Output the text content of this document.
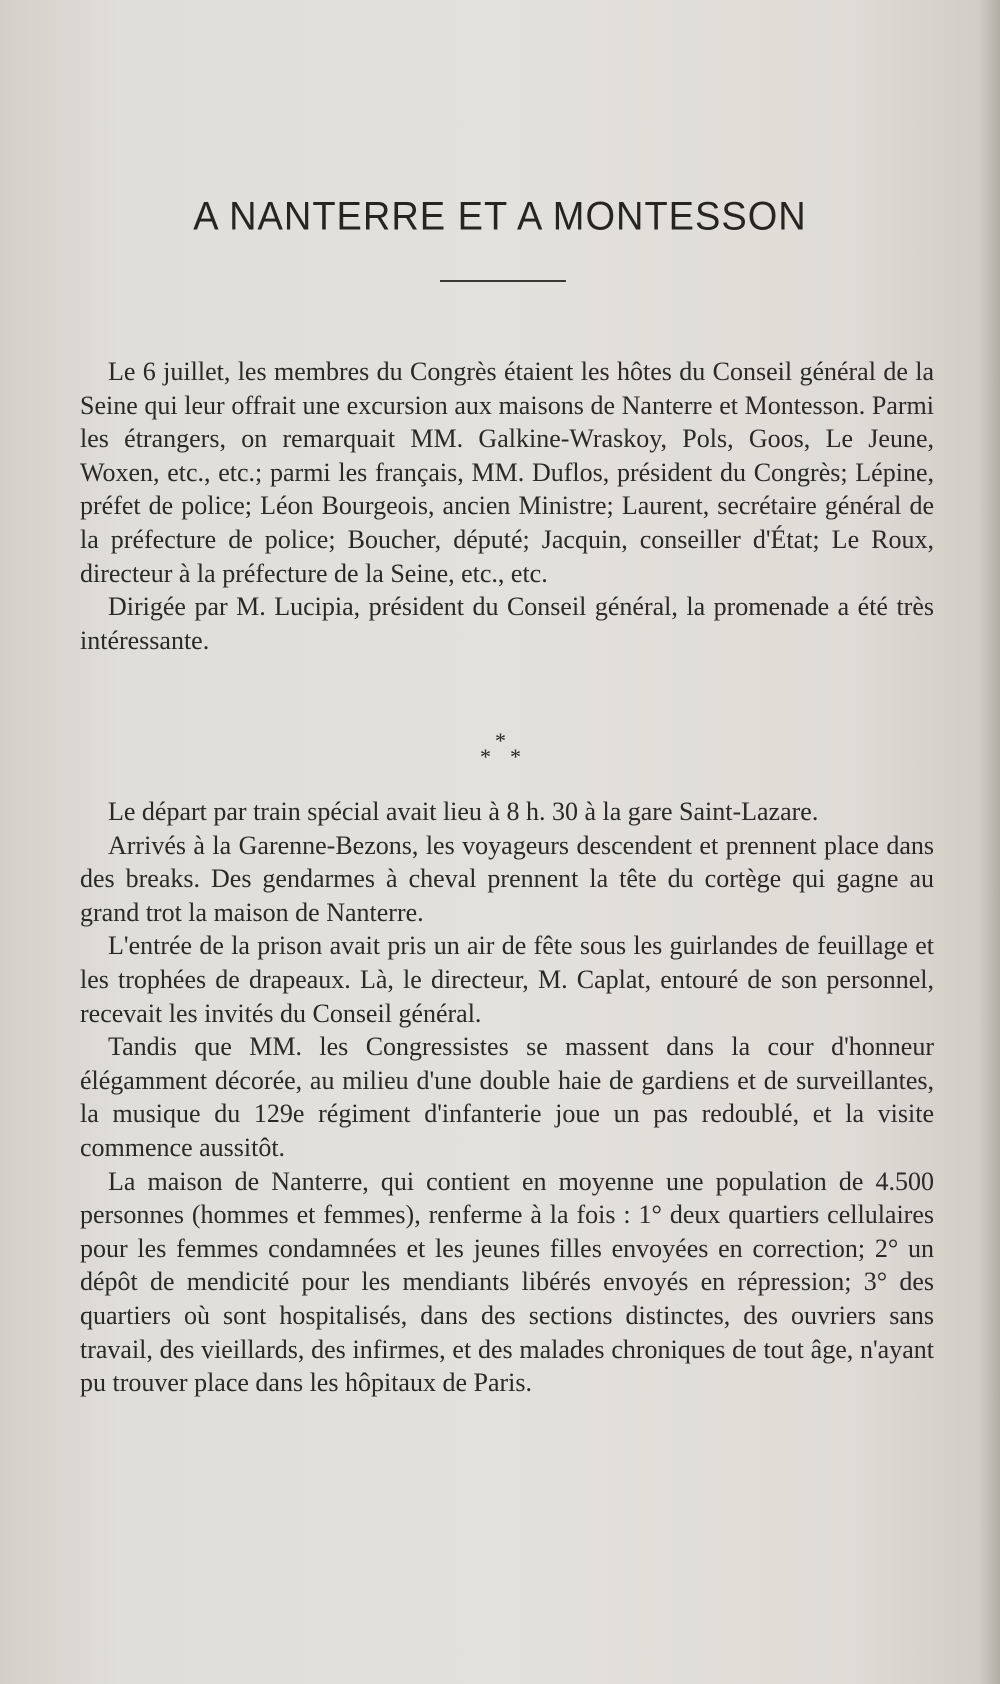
A NANTERRE ET A MONTESSON

Le 6 juillet, les membres du Congrès étaient les hôtes du Conseil général de la Seine qui leur offrait une excursion aux maisons de Nanterre et Montesson. Parmi les étrangers, on remarquait MM. Galkine-Wraskoy, Pols, Goos, Le Jeune, Woxen, etc., etc.; parmi les français, MM. Duflos, président du Congrès; Lépine, préfet de police; Léon Bourgeois, ancien Ministre; Laurent, secrétaire général de la préfecture de police; Boucher, député; Jacquin, conseiller d'État; Le Roux, directeur à la préfecture de la Seine, etc., etc.

Dirigée par M. Lucipia, président du Conseil général, la promenade a été très intéressante.

*
* *

Le départ par train spécial avait lieu à 8 h. 30 à la gare Saint-Lazare.

Arrivés à la Garenne-Bezons, les voyageurs descendent et prennent place dans des breaks. Des gendarmes à cheval prennent la tête du cortège qui gagne au grand trot la maison de Nanterre.

L'entrée de la prison avait pris un air de fête sous les guirlandes de feuillage et les trophées de drapeaux. Là, le directeur, M. Caplat, entouré de son personnel, recevait les invités du Conseil général.

Tandis que MM. les Congressistes se massent dans la cour d'honneur élégamment décorée, au milieu d'une double haie de gardiens et de surveillantes, la musique du 129e régiment d'infanterie joue un pas redoublé, et la visite commence aussitôt.

La maison de Nanterre, qui contient en moyenne une population de 4.500 personnes (hommes et femmes), renferme à la fois : 1° deux quartiers cellulaires pour les femmes condamnées et les jeunes filles envoyées en correction; 2° un dépôt de mendicité pour les mendiants libérés envoyés en répression; 3° des quartiers où sont hospitalisés, dans des sections distinctes, des ouvriers sans travail, des vieillards, des infirmes, et des malades chroniques de tout âge, n'ayant pu trouver place dans les hôpitaux de Paris.
